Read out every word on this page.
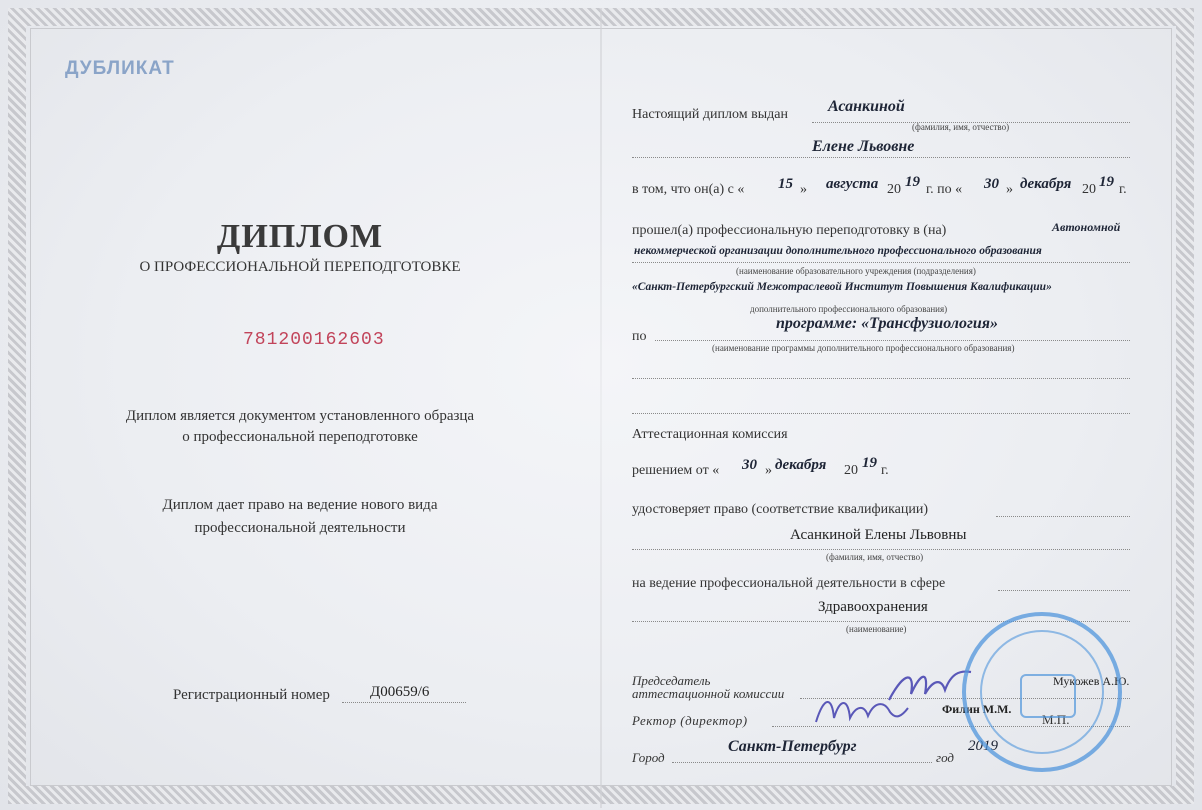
ДУБЛИКАТ
ДИПЛОМ
О ПРОФЕССИОНАЛЬНОЙ ПЕРЕПОДГОТОВКЕ
781200162603
Диплом является документом установленного образца
о профессиональной переподготовке
Диплом дает право на ведение нового вида
профессиональной деятельности
Регистрационный номер	Д00659/6
Настоящий диплом выдан	Асанкиной
(фамилия, имя, отчество)
Елене Львовне
в том, что он(а) с « 15 » августа 20 19 г. по « 30 » декабря 20 19 г.
прошел(а) профессиональную переподготовку в (на)	Автономной
некоммерческой организации дополнительного профессионального образования
(наименование образовательного учреждения (подразделения)
«Санкт-Петербургский Межотраслевой Институт Повышения Квалификации»
дополнительного профессионального образования)
по
программе: «Трансфузиология»
(наименование программы дополнительного профессионального образования)
Аттестационная комиссия
решением от « 30 » декабря 20 19 г.
удостоверяет право (соответствие квалификации)
Асанкиной Елены Львовны
(фамилия, имя, отчество)
на ведение профессиональной деятельности в сфере
Здравоохранения
(наименование)
Председатель
аттестационной комиссии
Мукожев А.Ю.
Ректор (директор)
Филин М.М.
М.П.
Город
Санкт-Петербург	2019
год
